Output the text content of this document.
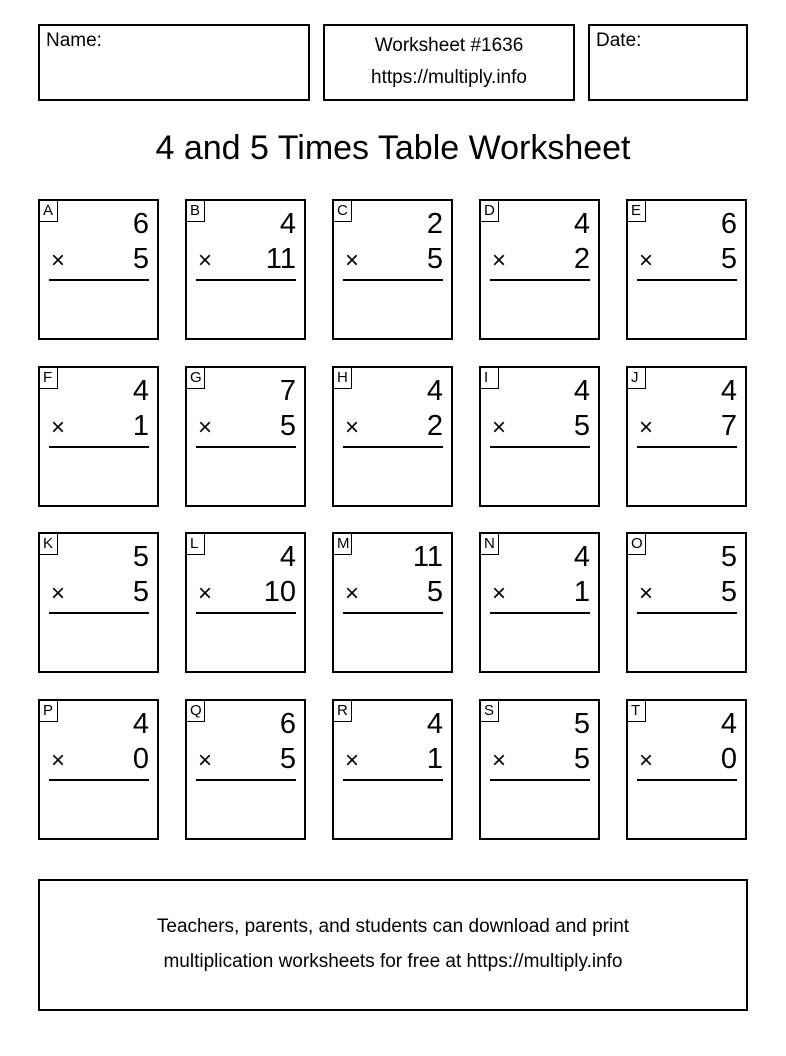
Name:	Worksheet #1636
https://multiply.info
Date:
4 and 5 Times Table Worksheet
A	6
× 5
B	4
× 11
C	2
× 5
D	4
× 2
E	6
× 5
F	4
× 1
G	7
× 5
H	4
× 2
I	4
× 5
J	4
× 7
K	5
× 5
L	4
× 10
M 11
× 5
N	4
× 1
O	5
× 5
P	4
× 0
Q	6
× 5
R	4
× 1
S	5
× 5
T	4
× 0
Teachers, parents, and students can download and print
multiplication worksheets for free at https://multiply.info
